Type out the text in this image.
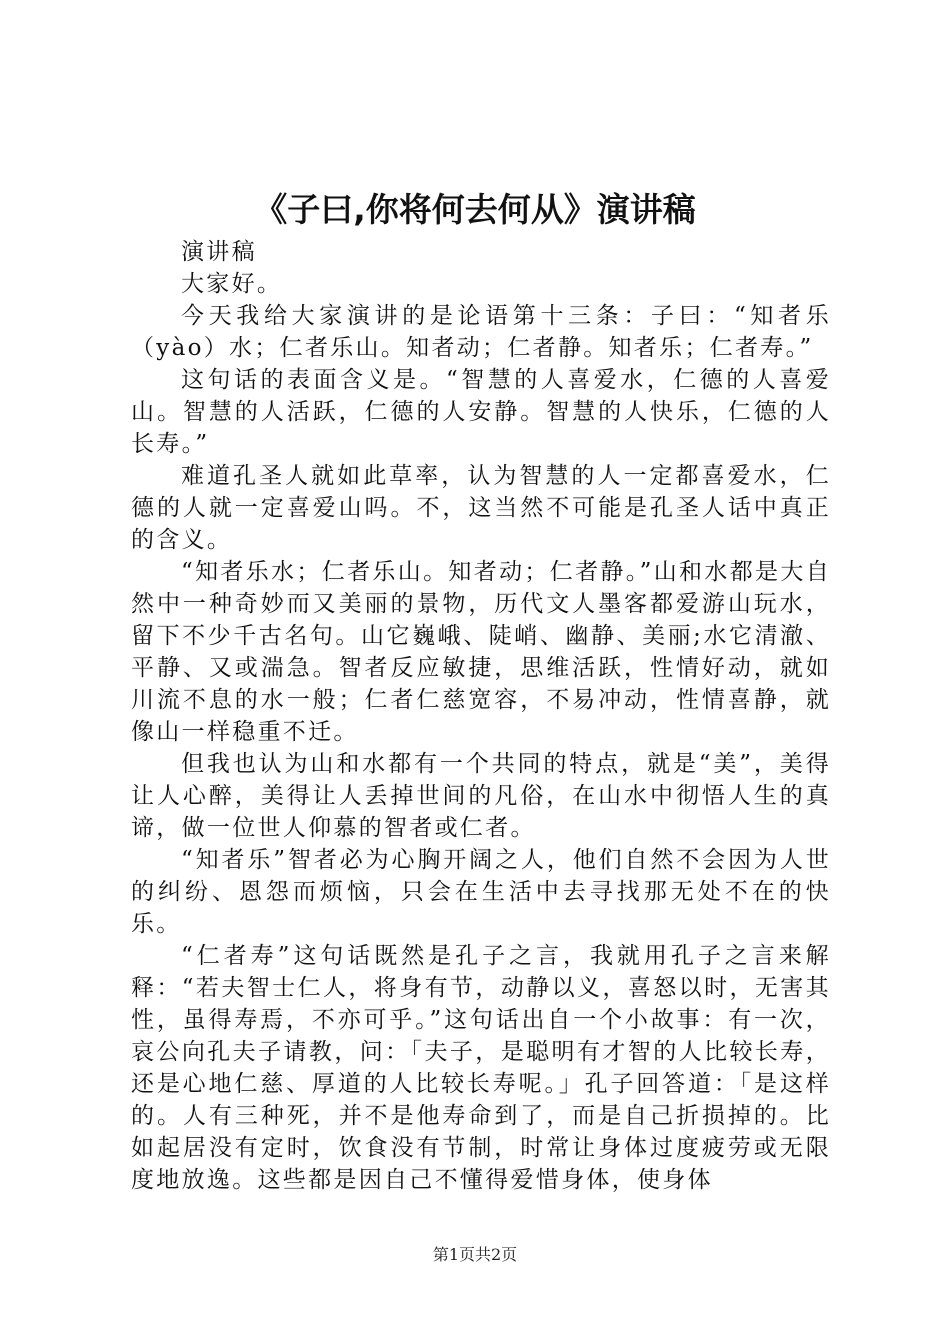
《子曰,你将何去何从》演讲稿

演讲稿

大家好。

今天我给大家演讲的是论语第十三条：子曰：“知者乐（yào）水；仁者乐山。知者动；仁者静。知者乐；仁者寿。”

这句话的表面含义是。“智慧的人喜爱水，仁德的人喜爱山。智慧的人活跃，仁德的人安静。智慧的人快乐，仁德的人长寿。”

难道孔圣人就如此草率，认为智慧的人一定都喜爱水，仁德的人就一定喜爱山吗。不，这当然不可能是孔圣人话中真正的含义。

“知者乐水；仁者乐山。知者动；仁者静。”山和水都是大自然中一种奇妙而又美丽的景物，历代文人墨客都爱游山玩水，留下不少千古名句。山它巍峨、陡峭、幽静、美丽;水它清澈、平静、又或湍急。智者反应敏捷，思维活跃，性情好动，就如川流不息的水一般；仁者仁慈宽容，不易冲动，性情喜静，就像山一样稳重不迁。

但我也认为山和水都有一个共同的特点，就是“美”，美得让人心醉，美得让人丢掉世间的凡俗，在山水中彻悟人生的真谛，做一位世人仰慕的智者或仁者。

“知者乐”智者必为心胸开阔之人，他们自然不会因为人世的纠纷、恩怨而烦恼，只会在生活中去寻找那无处不在的快乐。

“仁者寿”这句话既然是孔子之言，我就用孔子之言来解释：“若夫智士仁人，将身有节，动静以义，喜怒以时，无害其性，虽得寿焉，不亦可乎。”这句话出自一个小故事：有一次，哀公向孔夫子请教，问：「夫子，是聪明有才智的人比较长寿，还是心地仁慈、厚道的人比较长寿呢。」孔子回答道：「是这样的。人有三种死，并不是他寿命到了，而是自己折损掉的。比如起居没有定时，饮食没有节制，时常让身体过度疲劳或无限度地放逸。这些都是因自己不懂得爱惜身体，使身体

第1页共2页
